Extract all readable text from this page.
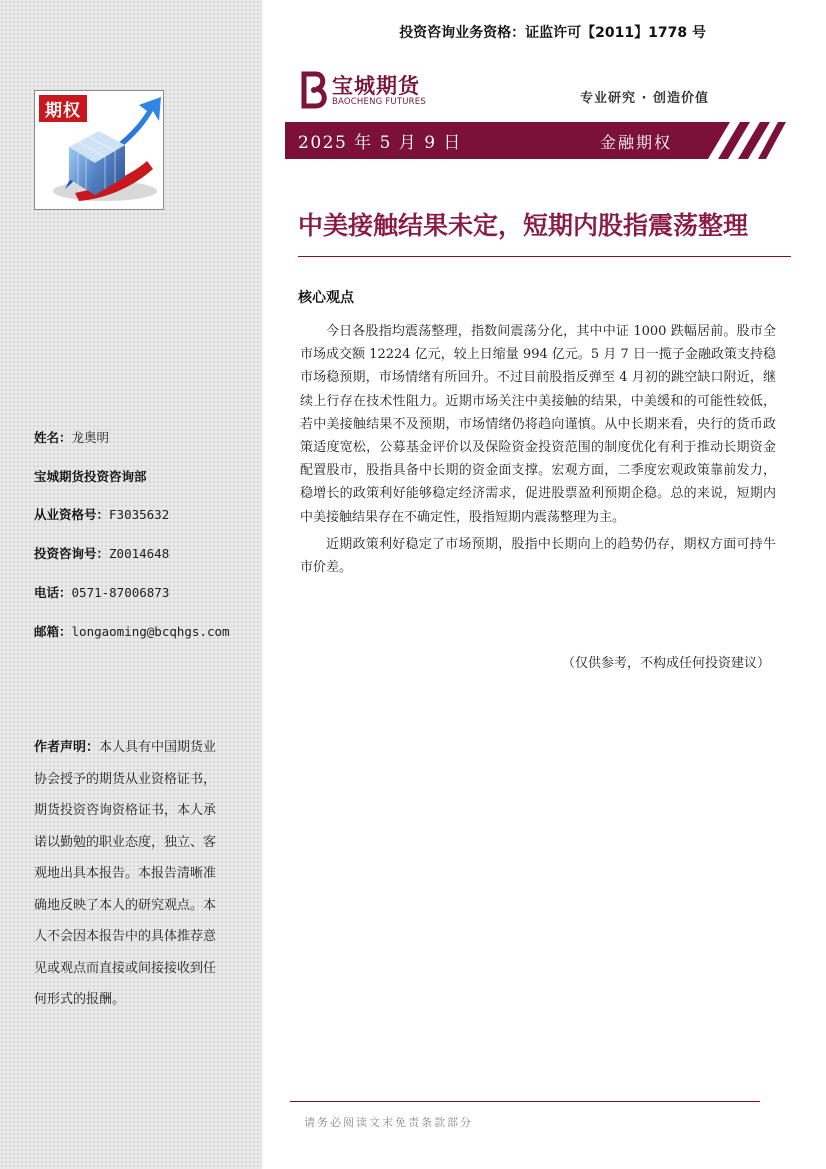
期权
姓名：龙奥明
宝城期货投资咨询部
从业资格号：F3035632
投资咨询号：Z0014648
电话：0571-87006873
邮箱：longaoming@bcqhgs.com
作者声明：本人具有中国期货业协会授予的期货从业资格证书，期货投资咨询资格证书，本人承诺以勤勉的职业态度，独立、客观地出具本报告。本报告清晰准确地反映了本人的研究观点。本人不会因本报告中的具体推荐意见或观点而直接或间接接收到任何形式的报酬。
投资咨询业务资格：证监许可【2011】1778 号
宝城期货
BAOCHENG FUTURES	专业研究 · 创造价值
2025 年 5 月 9 日	金融期权
中美接触结果未定，短期内股指震荡整理
核心观点

今日各股指均震荡整理，指数间震荡分化，其中中证 1000 跌幅居前。股市全市场成交额 12224 亿元，较上日缩量 994 亿元。5 月 7 日一揽子金融政策支持稳市场稳预期，市场情绪有所回升。不过目前股指反弹至 4 月初的跳空缺口附近，继续上行存在技术性阻力。近期市场关注中美接触的结果，中美缓和的可能性较低，若中美接触结果不及预期，市场情绪仍将趋向谨慎。从中长期来看，央行的货币政策适度宽松，公募基金评价以及保险资金投资范围的制度优化有利于推动长期资金配置股市，股指具备中长期的资金面支撑。宏观方面，二季度宏观政策靠前发力，稳增长的政策利好能够稳定经济需求，促进股票盈利预期企稳。总的来说，短期内中美接触结果存在不确定性，股指短期内震荡整理为主。

近期政策利好稳定了市场预期，股指中长期向上的趋势仍存，期权方面可持牛市价差。

（仅供参考，不构成任何投资建议）
请务必阅读文末免责条款部分
